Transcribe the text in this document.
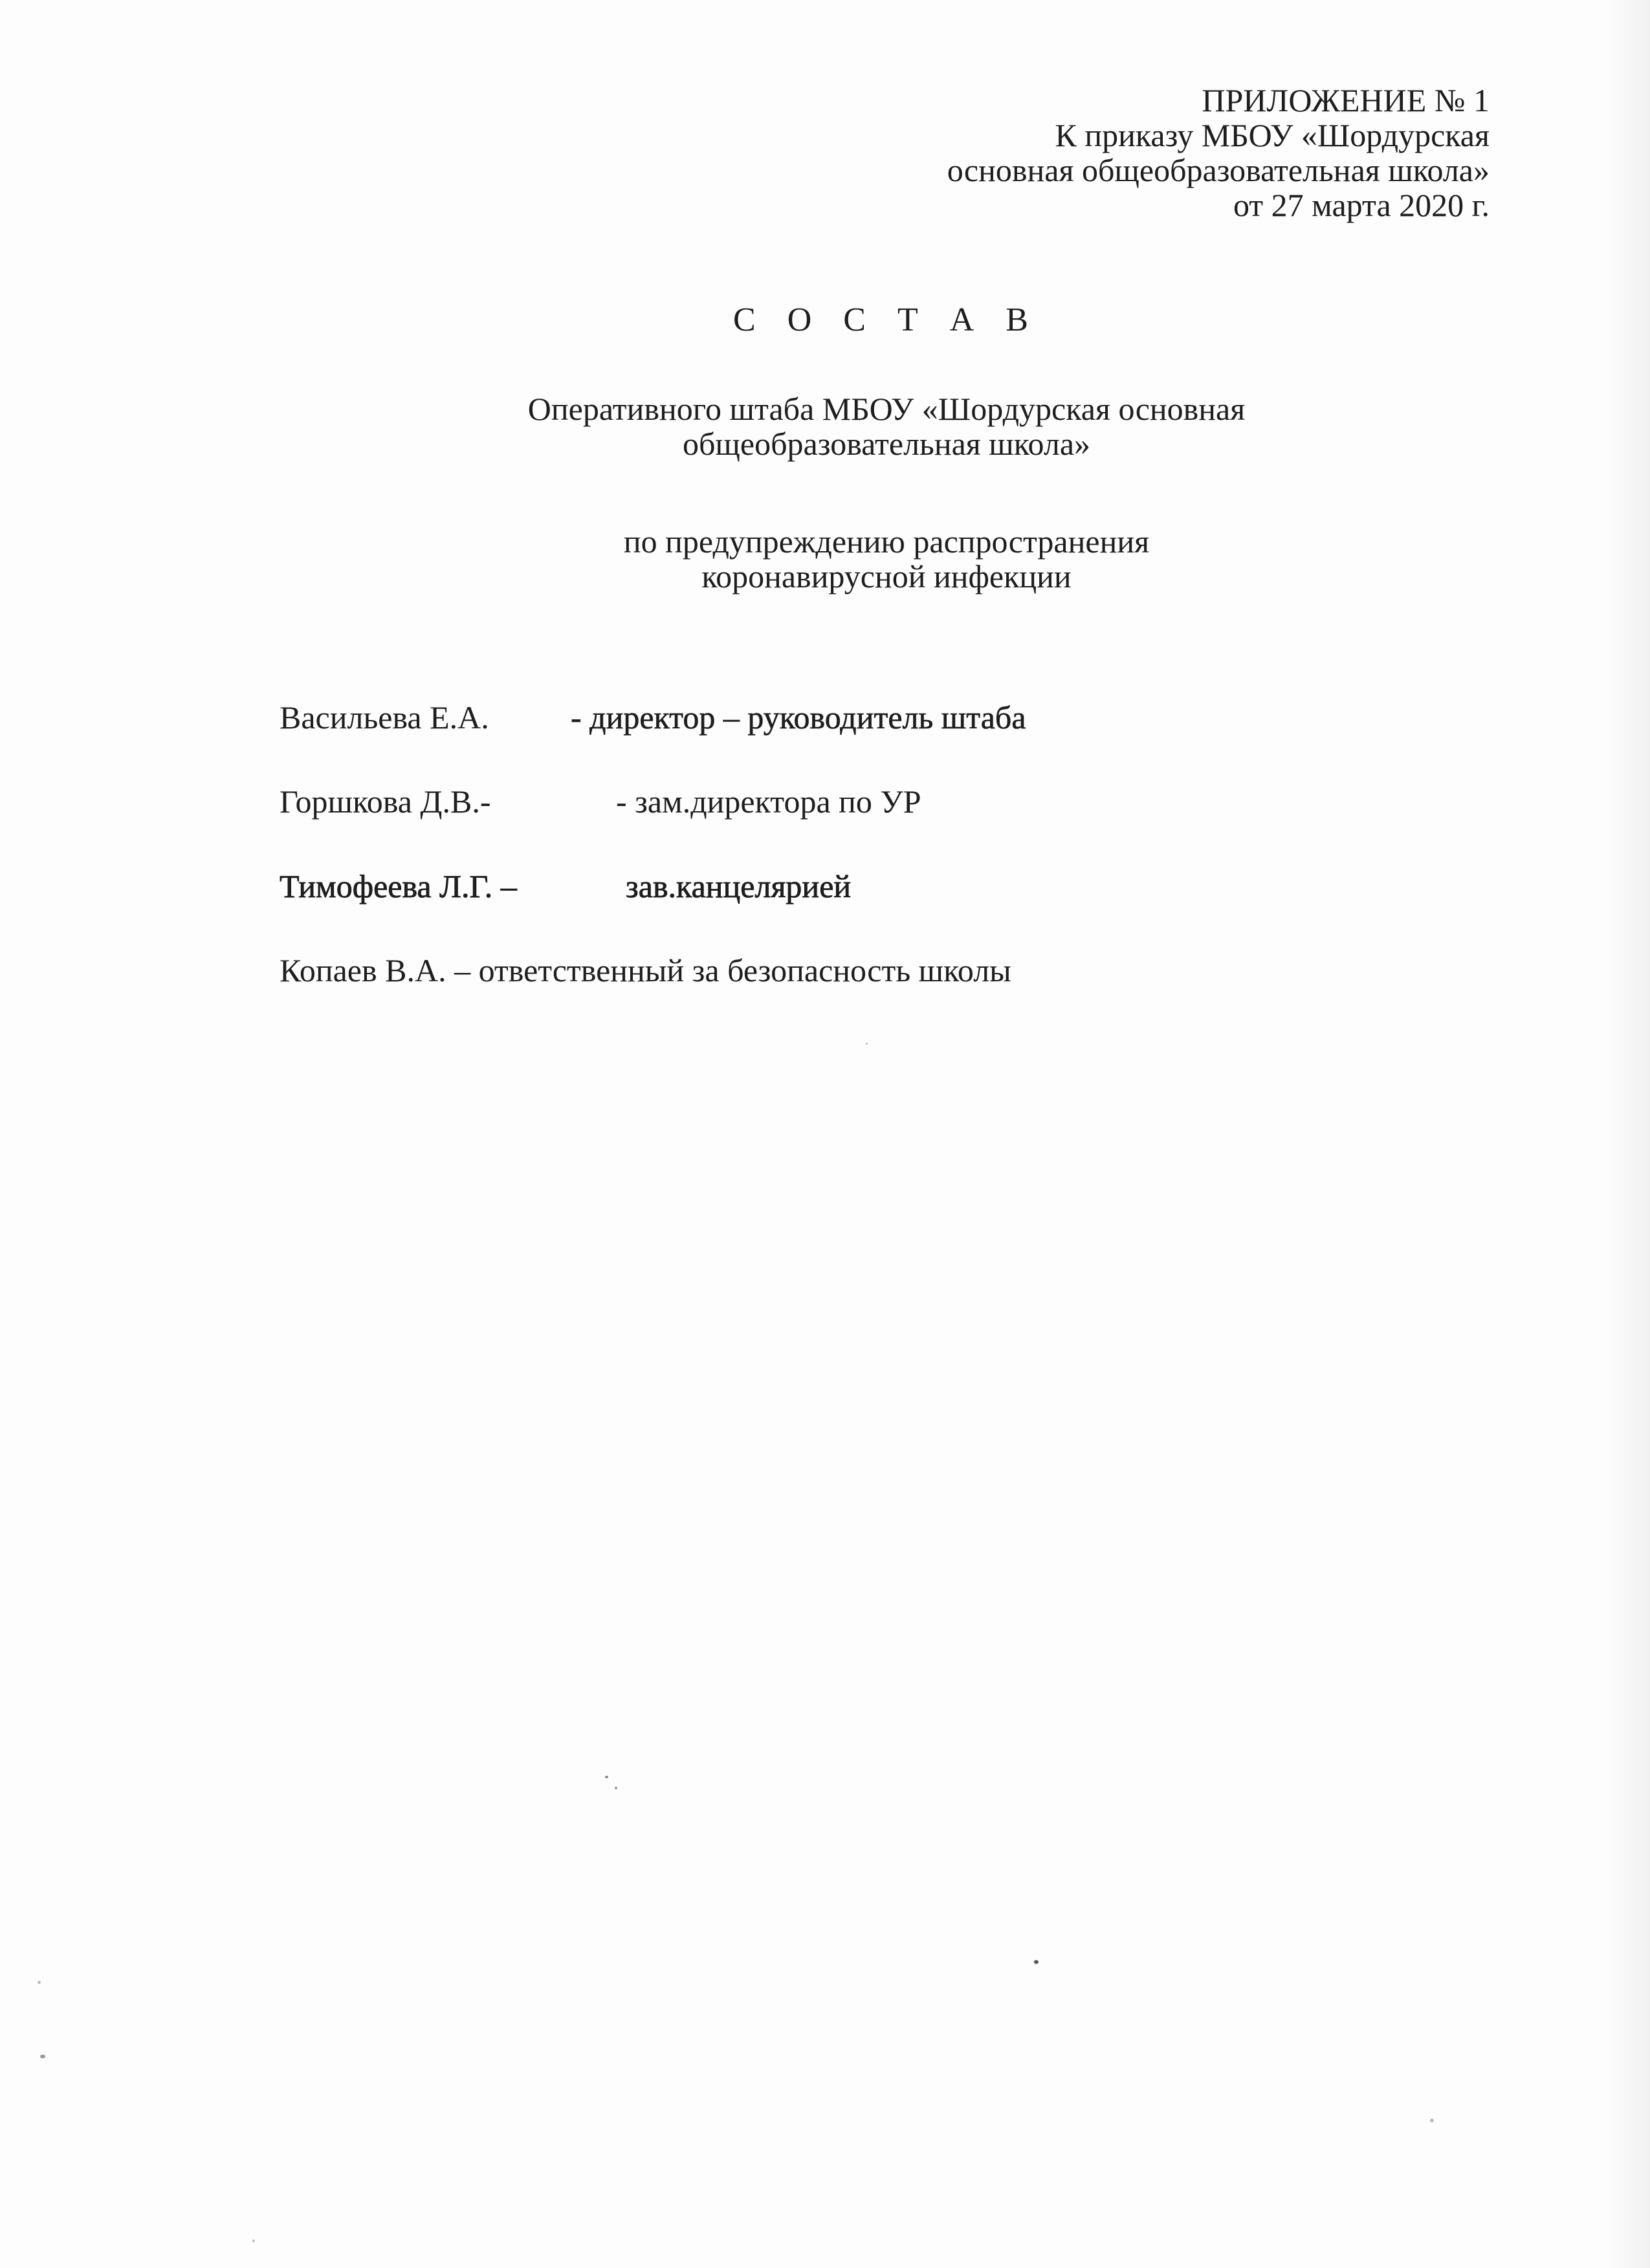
ПРИЛОЖЕНИЕ № 1
К приказу МБОУ «Шордурская
основная общеобразовательная школа»
от 27 марта 2020 г.
С О С Т А В
Оперативного штаба МБОУ «Шордурская основная
общеобразовательная школа»
по предупреждению распространения
коронавирусной инфекции
Васильева Е.А.	- директор – руководитель штаба
Горшкова Д.В.-	- зам.директора по УР
Тимофеева Л.Г. –	зав.канцелярией
Копаев В.А. – ответственный за безопасность школы
